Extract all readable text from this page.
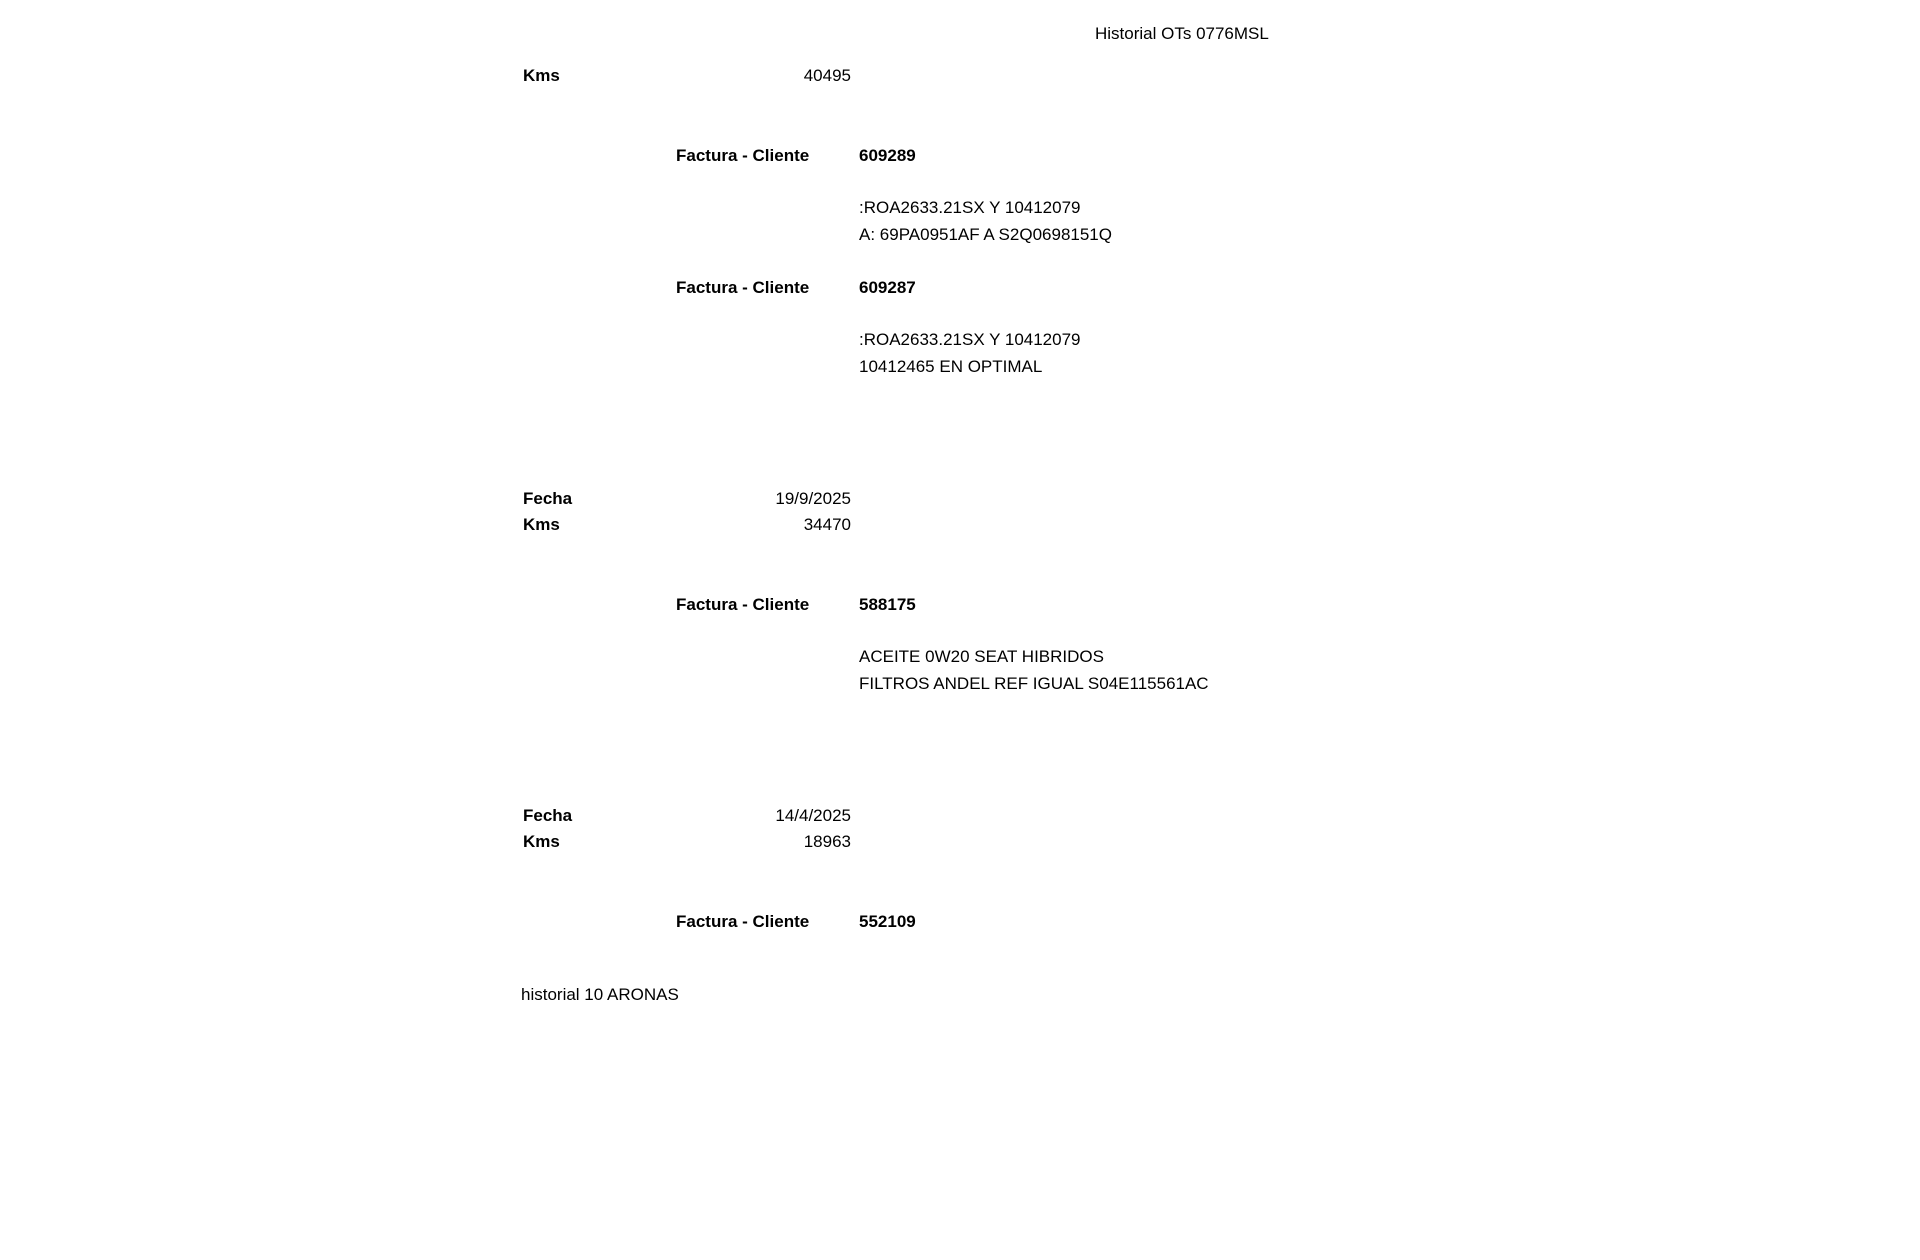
Historial OTs 0776MSL
Kms	40495
Factura - Cliente	609289
:ROA2633.21SX Y 10412079
A: 69PA0951AF A S2Q0698151Q
Factura - Cliente	609287
:ROA2633.21SX Y 10412079
10412465 EN OPTIMAL
Fecha	19/9/2025
Kms	34470
Factura - Cliente	588175
ACEITE 0W20 SEAT HIBRIDOS
FILTROS ANDEL REF IGUAL S04E115561AC
Fecha	14/4/2025
Kms	18963
Factura - Cliente	552109
historial 10 ARONAS
